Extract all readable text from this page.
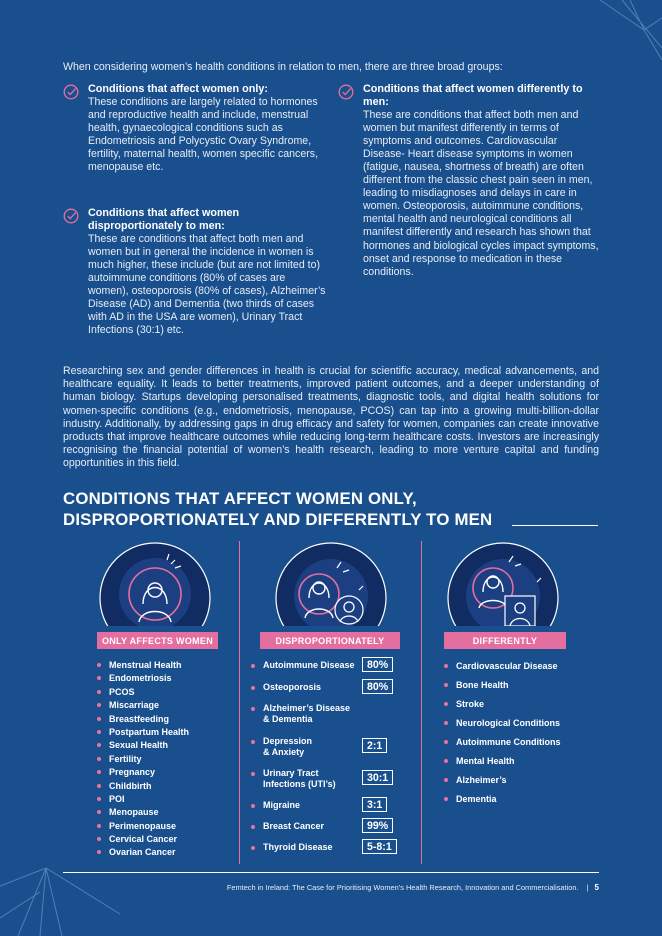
When considering women’s health conditions in relation to men, there are three broad groups:

Conditions that affect women only:
These conditions are largely related to hormones and reproductive health and include, menstrual health, gynaecological conditions such as Endometriosis and Polycystic Ovary Syndrome, fertility, maternal health, women specific cancers, menopause etc.
Conditions that affect women disproportionately to men:
These are conditions that affect both men and women but in general the incidence in women is much higher, these include (but are not limited to) autoimmune conditions (80% of cases are women), osteoporosis (80% of cases), Alzheimer’s Disease (AD) and Dementia (two thirds of cases with AD in the USA are women), Urinary Tract Infections (30:1) etc.
Conditions that affect women differently to men:
These are conditions that affect both men and women but manifest differently in terms of symptoms and outcomes. Cardiovascular Disease- Heart disease symptoms in women (fatigue, nausea, shortness of breath) are often different from the classic chest pain seen in men, leading to misdiagnoses and delays in care in women. Osteoporosis, autoimmune conditions, mental health and neurological conditions all manifest differently and research has shown that hormones and biological cycles impact symptoms, onset and response to medication in these conditions.

Researching sex and gender differences in health is crucial for scientific accuracy, medical advancements, and healthcare equality. It leads to better treatments, improved patient outcomes, and a deeper understanding of human biology. Startups developing personalised treatments, diagnostic tools, and digital health solutions for women-specific conditions (e.g., endometriosis, menopause, PCOS) can tap into a growing multi-billion-dollar industry. Additionally, by addressing gaps in drug efficacy and safety for women, companies can create innovative products that improve healthcare outcomes while reducing long-term healthcare costs. Investors are increasingly recognising the financial potential of women’s health research, leading to more venture capital and funding opportunities in this field.

CONDITIONS THAT AFFECT WOMEN ONLY,
DISPROPORTIONATELY AND DIFFERENTLY TO MEN
ONLY AFFECTS WOMEN	DISPROPORTIONATELY	DIFFERENTLY
Menstrual Health
Endometriosis
PCOS
Miscarriage
Breastfeeding
Postpartum Health
Sexual Health
Fertility
Pregnancy
Childbirth
POI
Menopause
Perimenopause
Cervical Cancer
Ovarian Cancer
Autoimmune Disease	80%
Osteoporosis	80%
Alzheimer’s Disease
& Dementia
Depression
& Anxiety	2:1
Urinary Tract
Infections (UTI’s)	30:1
Migraine	3:1
Breast Cancer	99%
Thyroid Disease	5-8:1
Cardiovascular Disease
Bone Health
Stroke
Neurological Conditions
Autoimmune Conditions
Mental Health
Alzheimer’s
Dementia
Femtech in Ireland: The Case for Prioritising Women’s Health Research, Innovation and Commercialisation. | 5
